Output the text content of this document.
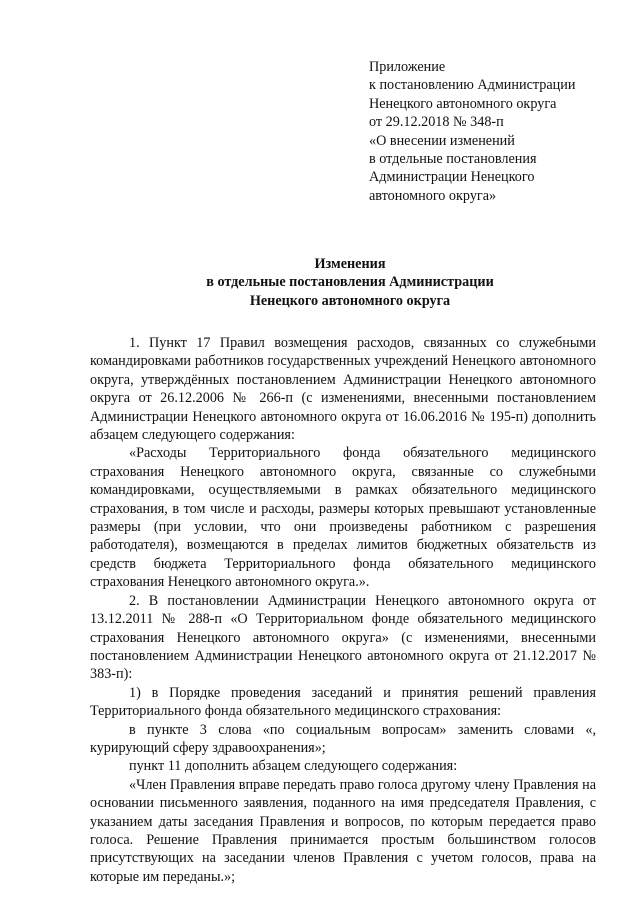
Приложение
к постановлению Администрации
Ненецкого автономного округа
от 29.12.2018 № 348-п
«О внесении изменений
в отдельные постановления
Администрации Ненецкого
автономного округа»
Изменения
в отдельные постановления Администрации
Ненецкого автономного округа

1. Пункт 17 Правил возмещения расходов, связанных со служебными командировками работников государственных учреждений Ненецкого автономного округа, утверждённых постановлением Администрации Ненецкого автономного округа от 26.12.2006 № 266-п (с изменениями, внесенными постановлением Администрации Ненецкого автономного округа от 16.06.2016 № 195-п) дополнить абзацем следующего содержания:

«Расходы Территориального фонда обязательного медицинского страхования Ненецкого автономного округа, связанные со служебными командировками, осуществляемыми в рамках обязательного медицинского страхования, в том числе и расходы, размеры которых превышают установленные размеры (при условии, что они произведены работником с разрешения работодателя), возмещаются в пределах лимитов бюджетных обязательств из средств бюджета Территориального фонда обязательного медицинского страхования Ненецкого автономного округа.».

2. В постановлении Администрации Ненецкого автономного округа от 13.12.2011 № 288-п «О Территориальном фонде обязательного медицинского страхования Ненецкого автономного округа» (с изменениями, внесенными постановлением Администрации Ненецкого автономного округа от 21.12.2017 № 383-п):

1) в Порядке проведения заседаний и принятия решений правления Территориального фонда обязательного медицинского страхования:

в пункте 3 слова «по социальным вопросам» заменить словами «, курирующий сферу здравоохранения»;

пункт 11 дополнить абзацем следующего содержания:

«Член Правления вправе передать право голоса другому члену Правления на основании письменного заявления, поданного на имя председателя Правления, с указанием даты заседания Правления и вопросов, по которым передается право голоса. Решение Правления принимается простым большинством голосов присутствующих на заседании членов Правления с учетом голосов, права на которые им переданы.»;
